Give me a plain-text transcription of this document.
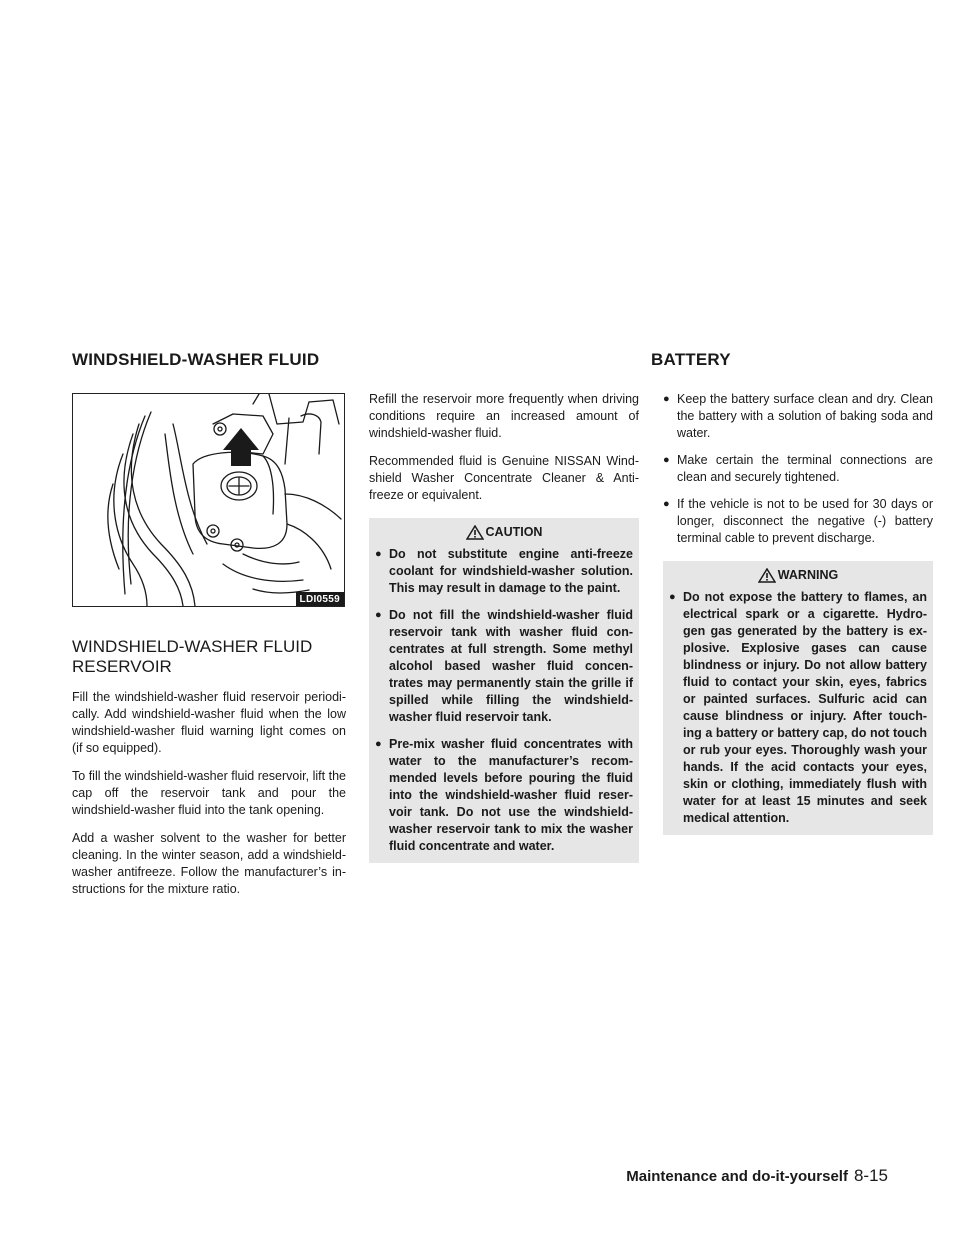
WINDSHIELD-WASHER FLUID	BATTERY
LDI0559
WINDSHIELD-WASHER FLUID RESERVOIR

Fill the windshield-washer fluid reservoir periodi- cally. Add windshield-washer fluid when the low windshield-washer fluid warning light comes on (if so equipped).

To fill the windshield-washer fluid reservoir, lift the cap off the reservoir tank and pour the windshield-washer fluid into the tank opening.

Add a washer solvent to the washer for better cleaning. In the winter season, add a windshield- washer antifreeze. Follow the manufacturer’s in- structions for the mixture ratio.

Refill the reservoir more frequently when driving conditions require an increased amount of windshield-washer fluid.

Recommended fluid is Genuine NISSAN Wind- shield Washer Concentrate Cleaner & Anti- freeze or equivalent.

CAUTION
● Do not substitute engine anti-freeze coolant for windshield-washer solution. This may result in damage to the paint.
● Do not fill the windshield-washer fluid reservoir tank with washer fluid con- centrates at full strength. Some methyl alcohol based washer fluid concen- trates may permanently stain the grille if spilled while filling the windshield- washer fluid reservoir tank.
● Pre-mix washer fluid concentrates with water to the manufacturer’s recom- mended levels before pouring the fluid into the windshield-washer fluid reser- voir tank. Do not use the windshield- washer reservoir tank to mix the washer fluid concentrate and water.
● Keep the battery surface clean and dry. Clean the battery with a solution of baking soda and water.
● Make certain the terminal connections are clean and securely tightened.
● If the vehicle is not to be used for 30 days or longer, disconnect the negative (-) battery terminal cable to prevent discharge.
WARNING
● Do not expose the battery to flames, an electrical spark or a cigarette. Hydro- gen gas generated by the battery is ex- plosive. Explosive gases can cause blindness or injury. Do not allow battery fluid to contact your skin, eyes, fabrics or painted surfaces. Sulfuric acid can cause blindness or injury. After touch- ing a battery or battery cap, do not touch or rub your eyes. Thoroughly wash your hands. If the acid contacts your eyes, skin or clothing, immediately flush with water for at least 15 minutes and seek medical attention.
Maintenance and do-it-yourself 8-15
